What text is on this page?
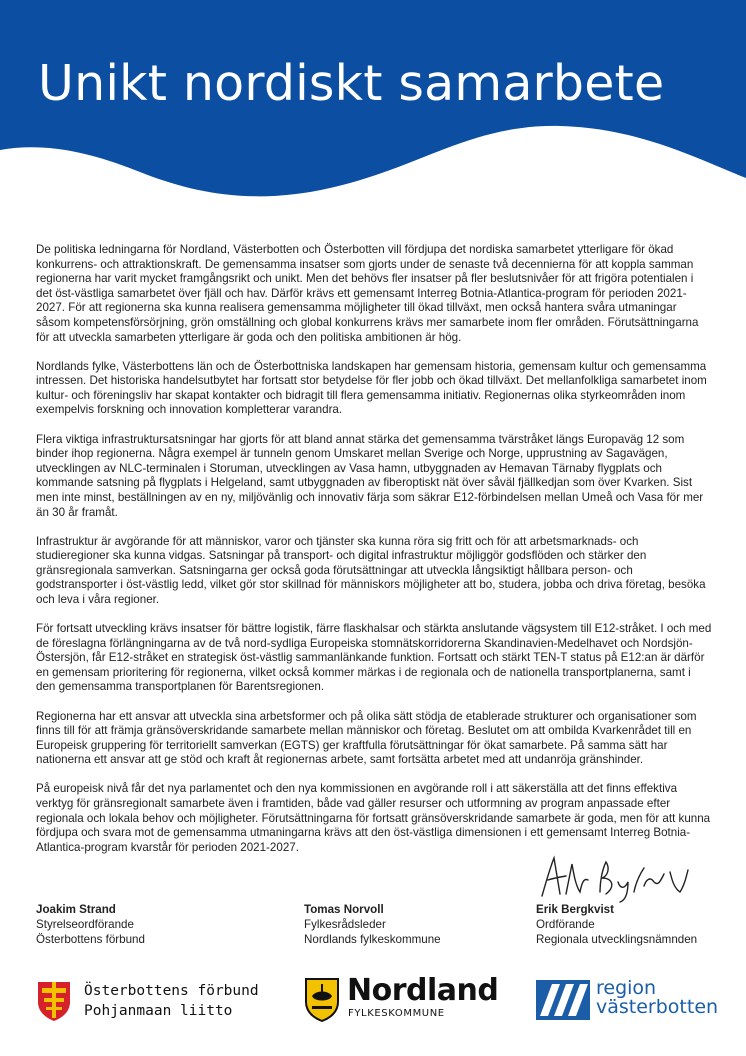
Unikt nordiskt samarbete

De politiska ledningarna för Nordland, Västerbotten och Österbotten vill fördjupa det nordiska samarbetet ytterligare för ökad konkurrens- och attraktionskraft. De gemensamma insatser som gjorts under de senaste två decennierna för att koppla samman regionerna har varit mycket framgångsrikt och unikt. Men det behövs fler insatser på fler beslutsnivåer för att frigöra potentialen i det öst-västliga samarbetet över fjäll och hav. Därför krävs ett gemensamt Interreg Botnia-Atlantica-program för perioden 2021-2027. För att regionerna ska kunna realisera gemensamma möjligheter till ökad tillväxt, men också hantera svåra utmaningar såsom kompetensförsörjning, grön omställning och global konkurrens krävs mer samarbete inom fler områden. Förutsättningarna för att utveckla samarbeten ytterligare är goda och den politiska ambitionen är hög.

Nordlands fylke, Västerbottens län och de Österbottniska landskapen har gemensam historia, gemensam kultur och gemensamma intressen. Det historiska handelsutbytet har fortsatt stor betydelse för fler jobb och ökad tillväxt. Det mellanfolkliga samarbetet inom kultur- och föreningsliv har skapat kontakter och bidragit till flera gemensamma initiativ. Regionernas olika styrkeområden inom exempelvis forskning och innovation kompletterar varandra.

Flera viktiga infrastruktursatsningar har gjorts för att bland annat stärka det gemensamma tvärstråket längs Europaväg 12 som binder ihop regionerna. Några exempel är tunneln genom Umskaret mellan Sverige och Norge, upprustning av Sagavägen, utvecklingen av NLC-terminalen i Storuman, utvecklingen av Vasa hamn, utbyggnaden av Hemavan Tärnaby flygplats och kommande satsning på flygplats i Helgeland, samt utbyggnaden av fiberoptiskt nät över såväl fjällkedjan som över Kvarken. Sist men inte minst, beställningen av en ny, miljövänlig och innovativ färja som säkrar E12-förbindelsen mellan Umeå och Vasa för mer än 30 år framåt.

Infrastruktur är avgörande för att människor, varor och tjänster ska kunna röra sig fritt och för att arbetsmarknads- och studieregioner ska kunna vidgas. Satsningar på transport- och digital infrastruktur möjliggör godsflöden och stärker den gränsregionala samverkan. Satsningarna ger också goda förutsättningar att utveckla långsiktigt hållbara person- och godstransporter i öst-västlig ledd, vilket gör stor skillnad för människors möjligheter att bo, studera, jobba och driva företag, besöka och leva i våra regioner.

För fortsatt utveckling krävs insatser för bättre logistik, färre flaskhalsar och stärkta anslutande vägsystem till E12-stråket. I och med de föreslagna förlängningarna av de två nord-sydliga Europeiska stomnätskorridorerna Skandinavien-Medelhavet och Nordsjön-Östersjön, får E12-stråket en strategisk öst-västlig sammanlänkande funktion. Fortsatt och stärkt TEN-T status på E12:an är därför en gemensam prioritering för regionerna, vilket också kommer märkas i de regionala och de nationella transportplanerna, samt i den gemensamma transportplanen för Barentsregionen.

Regionerna har ett ansvar att utveckla sina arbetsformer och på olika sätt stödja de etablerade strukturer och organisationer som finns till för att främja gränsöverskridande samarbete mellan människor och företag. Beslutet om att ombilda Kvarkenrådet till en Europeisk gruppering för territoriellt samverkan (EGTS) ger kraftfulla förutsättningar för ökat samarbete. På samma sätt har nationerna ett ansvar att ge stöd och kraft åt regionernas arbete, samt fortsätta arbetet med att undanröja gränshinder.

På europeisk nivå får det nya parlamentet och den nya kommissionen en avgörande roll i att säkerställa att det finns effektiva verktyg för gränsregionalt samarbete även i framtiden, både vad gäller resurser och utformning av program anpassade efter regionala och lokala behov och möjligheter. Förutsättningarna för fortsatt gränsöverskridande samarbete är goda, men för att kunna fördjupa och svara mot de gemensamma utmaningarna krävs att den öst-västliga dimensionen i ett gemensamt Interreg Botnia-Atlantica-program kvarstår för perioden 2021-2027.

Joakim Strand
Styrelseordförande
Österbottens förbund
Tomas Norvoll
Fylkesrådsleder
Nordlands fylkeskommune
Erik Bergkvist
Ordförande
Regionala utvecklingsnämnden
Österbottens förbund
Pohjanmaan liitto
Nordland
FYLKESKOMMUNE
region
västerbotten
